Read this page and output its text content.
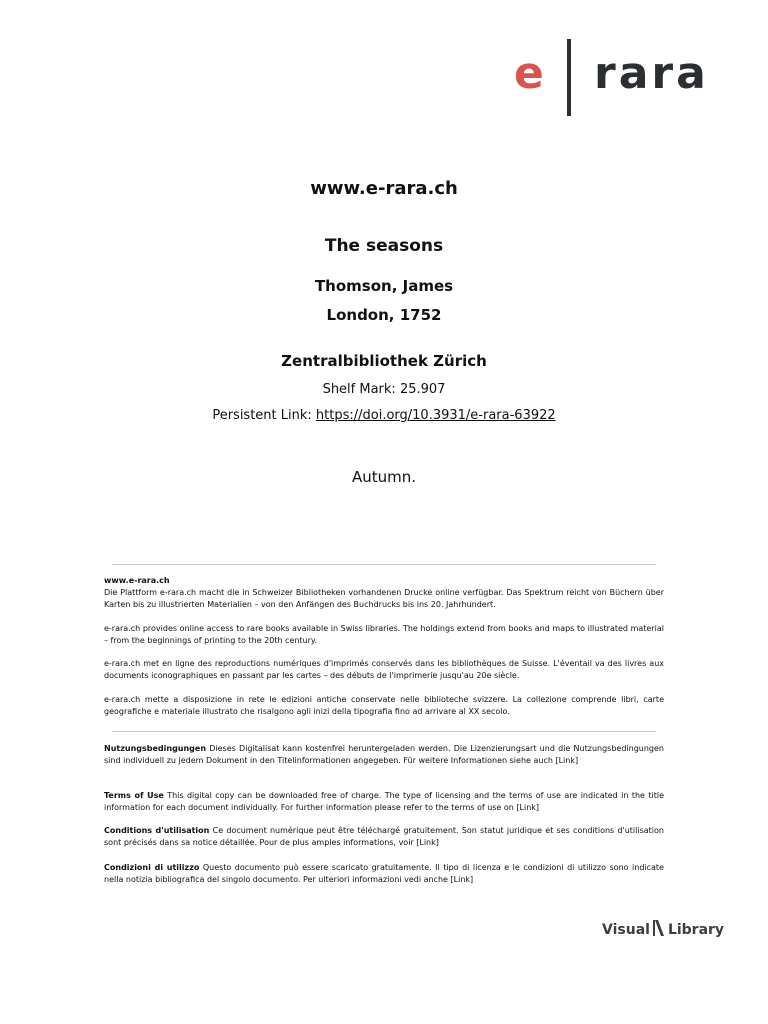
e rara
www.e-rara.ch
The seasons
Thomson, James
London, 1752
Zentralbibliothek Zürich
Shelf Mark: 25.907
Persistent Link: https://doi.org/10.3931/e-rara-63922
Autumn.
www.e-rara.ch
Die Plattform e-rara.ch macht die in Schweizer Bibliotheken vorhandenen Drucke online verfügbar. Das Spektrum reicht von Büchern über Karten bis zu illustrierten Materialien – von den Anfängen des Buchdrucks bis ins 20. Jahrhundert.
e-rara.ch provides online access to rare books available in Swiss libraries. The holdings extend from books and maps to illustrated material – from the beginnings of printing to the 20th century.
e-rara.ch met en ligne des reproductions numériques d'imprimés conservés dans les bibliothèques de Suisse. L'éventail va des livres aux documents iconographiques en passant par les cartes – des débuts de l'imprimerie jusqu'au 20e siècle.
e-rara.ch mette a disposizione in rete le edizioni antiche conservate nelle biblioteche svizzere. La collezione comprende libri, carte geografiche e materiale illustrato che risalgono agli inizi della tipografia fino ad arrivare al XX secolo.
Nutzungsbedingungen Dieses Digitalisat kann kostenfrei heruntergeladen werden. Die Lizenzierungsart und die Nutzungsbedingungen sind individuell zu jedem Dokument in den Titelinformationen angegeben. Für weitere Informationen siehe auch [Link]
Terms of Use This digital copy can be downloaded free of charge. The type of licensing and the terms of use are indicated in the title information for each document individually. For further information please refer to the terms of use on [Link]
Conditions d'utilisation Ce document numérique peut être téléchargé gratuitement. Son statut juridique et ses conditions d'utilisation sont précisés dans sa notice détaillée. Pour de plus amples informations, voir [Link]
Condizioni di utilizzo Questo documento può essere scaricato gratuitamente. Il tipo di licenza e le condizioni di utilizzo sono indicate nella notizia bibliografica del singolo documento. Per ulteriori informazioni vedi anche [Link]
Visual Library
